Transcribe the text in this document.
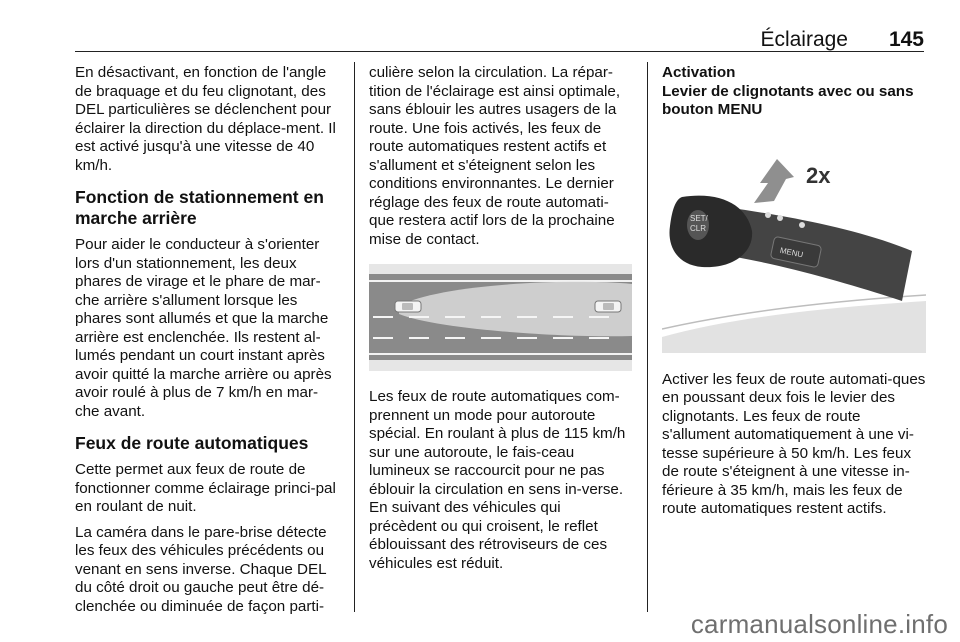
Éclairage 145

En désactivant, en fonction de l'angle de braquage et du feu clignotant, des DEL particulières se déclenchent pour éclairer la direction du déplace-ment. Il est activé jusqu'à une vitesse de 40 km/h.

Fonction de stationnement en marche arrière

Pour aider le conducteur à s'orienter lors d'un stationnement, les deux phares de virage et le phare de mar-che arrière s'allument lorsque les phares sont allumés et que la marche arrière est enclenchée. Ils restent al-lumés pendant un court instant après avoir quitté la marche arrière ou après avoir roulé à plus de 7 km/h en mar-che avant.

Feux de route automatiques

Cette permet aux feux de route de fonctionner comme éclairage princi-pal en roulant de nuit.

La caméra dans le pare-brise détecte les feux des véhicules précédents ou venant en sens inverse. Chaque DEL du côté droit ou gauche peut être dé-clenchée ou diminuée de façon parti-

culière selon la circulation. La répar-tition de l'éclairage est ainsi optimale, sans éblouir les autres usagers de la route. Une fois activés, les feux de route automatiques restent actifs et s'allument et s'éteignent selon les conditions environnantes. Le dernier réglage des feux de route automati-que restera actif lors de la prochaine mise de contact.

Les feux de route automatiques com-prennent un mode pour autoroute spécial. En roulant à plus de 115 km/h sur une autoroute, le fais-ceau lumineux se raccourcit pour ne pas éblouir la circulation en sens in-verse. En suivant des véhicules qui précèdent ou qui croisent, le reflet éblouissant des rétroviseurs de ces véhicules est réduit.

Activation
Levier de clignotants avec ou sans bouton MENU
2x
SET/
CLR
MENU

Activer les feux de route automati-ques en poussant deux fois le levier des clignotants. Les feux de route s'allument automatiquement à une vi-tesse supérieure à 50 km/h. Les feux de route s'éteignent à une vitesse in-férieure à 35 km/h, mais les feux de route automatiques restent actifs.

carmanualsonline.info
